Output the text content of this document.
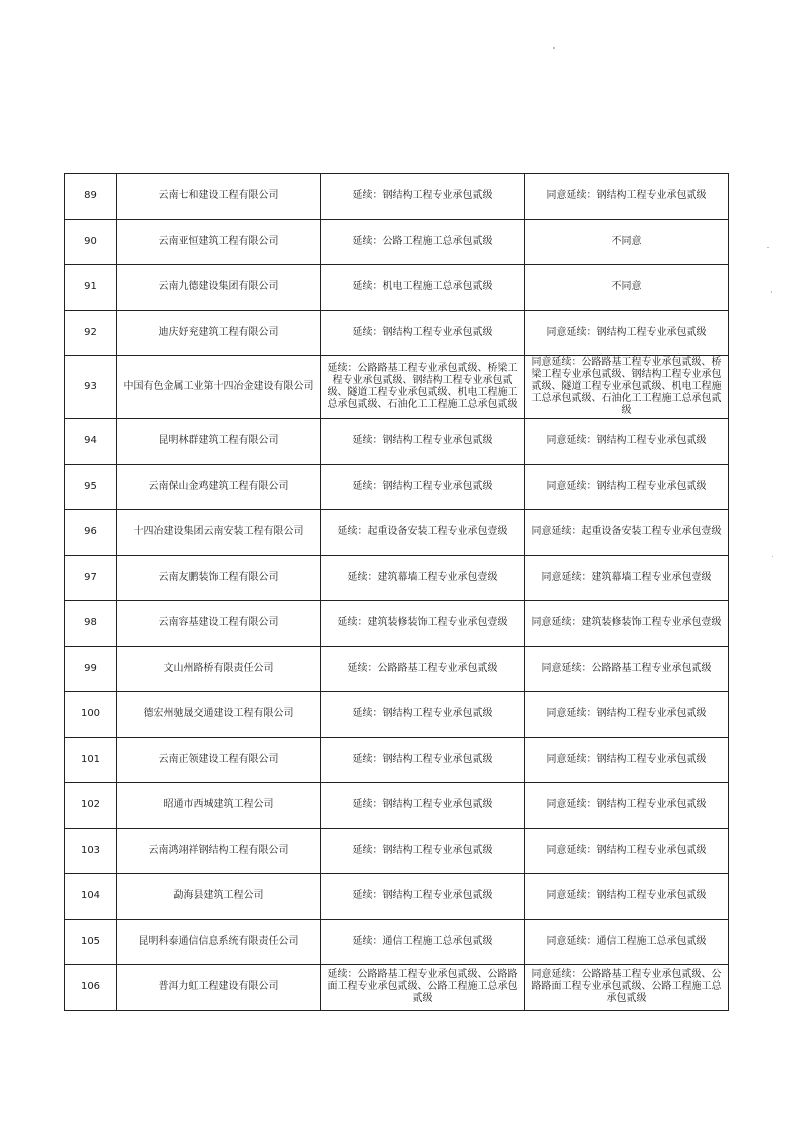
89	云南七和建设工程有限公司	延续：钢结构工程专业承包贰级	同意延续：钢结构工程专业承包贰级
90	云南亚恒建筑工程有限公司	延续：公路工程施工总承包贰级	不同意
91	云南九德建设集团有限公司	延续：机电工程施工总承包贰级	不同意
92	迪庆妤兖建筑工程有限公司	延续：钢结构工程专业承包贰级	同意延续：钢结构工程专业承包贰级
93	中国有色金属工业第十四冶金建设有限公司	延续：公路路基工程专业承包贰级、桥梁工程专业承包贰级、钢结构工程专业承包贰级、隧道工程专业承包贰级、机电工程施工总承包贰级、石油化工工程施工总承包贰级	同意延续：公路路基工程专业承包贰级、桥梁工程专业承包贰级、钢结构工程专业承包贰级、隧道工程专业承包贰级、机电工程施工总承包贰级、石油化工工程施工总承包贰级
94	昆明林群建筑工程有限公司	延续：钢结构工程专业承包贰级	同意延续：钢结构工程专业承包贰级
95	云南保山金鸡建筑工程有限公司	延续：钢结构工程专业承包贰级	同意延续：钢结构工程专业承包贰级
96	十四冶建设集团云南安装工程有限公司	延续：起重设备安装工程专业承包壹级	同意延续：起重设备安装工程专业承包壹级
97	云南友鹏装饰工程有限公司	延续：建筑幕墙工程专业承包壹级	同意延续：建筑幕墙工程专业承包壹级
98	云南容基建设工程有限公司	延续：建筑装修装饰工程专业承包壹级	同意延续：建筑装修装饰工程专业承包壹级
99	文山州路桥有限责任公司	延续：公路路基工程专业承包贰级	同意延续：公路路基工程专业承包贰级
100	德宏州驰晟交通建设工程有限公司	延续：钢结构工程专业承包贰级	同意延续：钢结构工程专业承包贰级
101	云南正领建设工程有限公司	延续：钢结构工程专业承包贰级	同意延续：钢结构工程专业承包贰级
102	昭通市西城建筑工程公司	延续：钢结构工程专业承包贰级	同意延续：钢结构工程专业承包贰级
103	云南鸿翊祥钢结构工程有限公司	延续：钢结构工程专业承包贰级	同意延续：钢结构工程专业承包贰级
104	勐海县建筑工程公司	延续：钢结构工程专业承包贰级	同意延续：钢结构工程专业承包贰级
105	昆明科泰通信信息系统有限责任公司	延续：通信工程施工总承包贰级	同意延续：通信工程施工总承包贰级
106	普洱力虹工程建设有限公司	延续：公路路基工程专业承包贰级、公路路面工程专业承包贰级、公路工程施工总承包贰级	同意延续：公路路基工程专业承包贰级、公路路面工程专业承包贰级、公路工程施工总承包贰级
